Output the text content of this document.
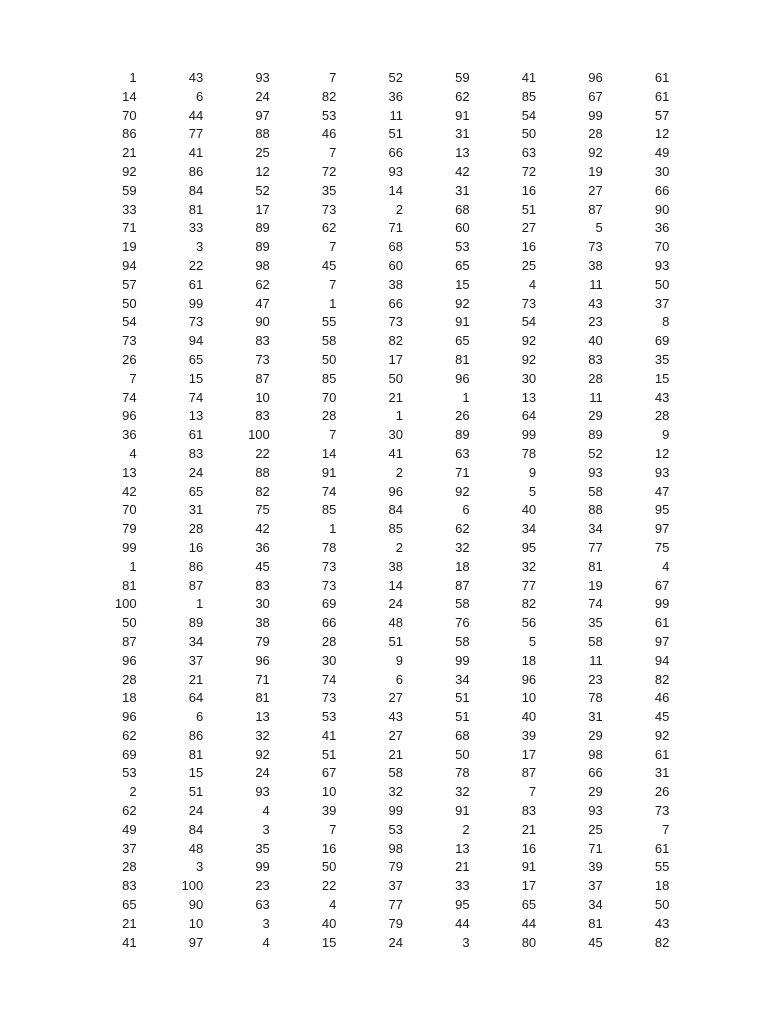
1	43	93	7	52	59	41	96	61
14	6	24	82	36	62	85	67	61
70	44	97	53	11	91	54	99	57
86	77	88	46	51	31	50	28	12
21	41	25	7	66	13	63	92	49
92	86	12	72	93	42	72	19	30
59	84	52	35	14	31	16	27	66
33	81	17	73	2	68	51	87	90
71	33	89	62	71	60	27	5	36
19	3	89	7	68	53	16	73	70
94	22	98	45	60	65	25	38	93
57	61	62	7	38	15	4	11	50
50	99	47	1	66	92	73	43	37
54	73	90	55	73	91	54	23	8
73	94	83	58	82	65	92	40	69
26	65	73	50	17	81	92	83	35
7	15	87	85	50	96	30	28	15
74	74	10	70	21	1	13	11	43
96	13	83	28	1	26	64	29	28
36	61	100	7	30	89	99	89	9
4	83	22	14	41	63	78	52	12
13	24	88	91	2	71	9	93	93
42	65	82	74	96	92	5	58	47
70	31	75	85	84	6	40	88	95
79	28	42	1	85	62	34	34	97
99	16	36	78	2	32	95	77	75
1	86	45	73	38	18	32	81	4
81	87	83	73	14	87	77	19	67
100	1	30	69	24	58	82	74	99
50	89	38	66	48	76	56	35	61
87	34	79	28	51	58	5	58	97
96	37	96	30	9	99	18	11	94
28	21	71	74	6	34	96	23	82
18	64	81	73	27	51	10	78	46
96	6	13	53	43	51	40	31	45
62	86	32	41	27	68	39	29	92
69	81	92	51	21	50	17	98	61
53	15	24	67	58	78	87	66	31
2	51	93	10	32	32	7	29	26
62	24	4	39	99	91	83	93	73
49	84	3	7	53	2	21	25	7
37	48	35	16	98	13	16	71	61
28	3	99	50	79	21	91	39	55
83	100	23	22	37	33	17	37	18
65	90	63	4	77	95	65	34	50
21	10	3	40	79	44	44	81	43
41	97	4	15	24	3	80	45	82
